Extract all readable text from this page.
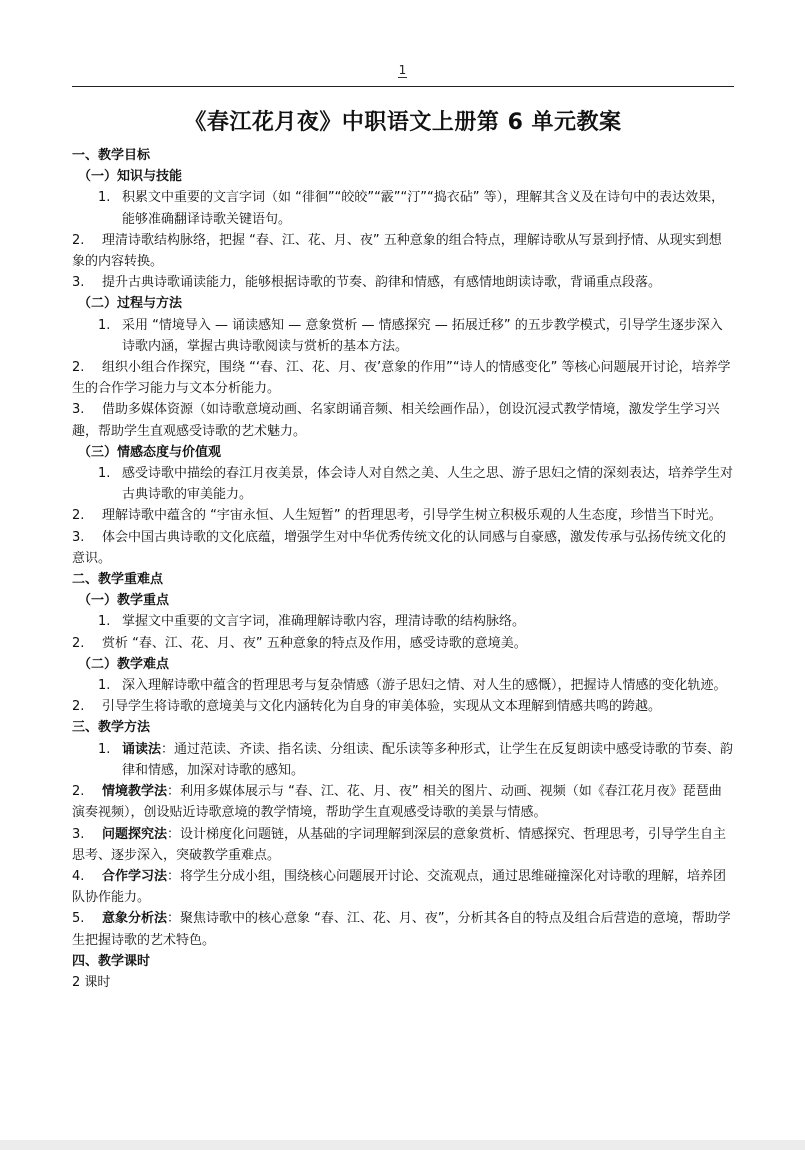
1
《春江花月夜》中职语文上册第 6 单元教案

一、教学目标

（一）知识与技能

1. 积累文中重要的文言字词（如 “徘徊”“皎皎”“霰”“汀”“捣衣砧” 等），理解其含义及在诗句中的表达效果，能够准确翻译诗歌关键语句。

2. 理清诗歌结构脉络，把握 “春、江、花、月、夜” 五种意象的组合特点，理解诗歌从写景到抒情、从现实到想象的内容转换。

3. 提升古典诗歌诵读能力，能够根据诗歌的节奏、韵律和情感，有感情地朗读诗歌，背诵重点段落。

（二）过程与方法

1. 采用 “情境导入 — 诵读感知 — 意象赏析 — 情感探究 — 拓展迁移” 的五步教学模式，引导学生逐步深入诗歌内涵，掌握古典诗歌阅读与赏析的基本方法。

2. 组织小组合作探究，围绕 “‘春、江、花、月、夜’意象的作用”“诗人的情感变化” 等核心问题展开讨论，培养学生的合作学习能力与文本分析能力。

3. 借助多媒体资源（如诗歌意境动画、名家朗诵音频、相关绘画作品），创设沉浸式教学情境，激发学生学习兴趣，帮助学生直观感受诗歌的艺术魅力。

（三）情感态度与价值观

1. 感受诗歌中描绘的春江月夜美景，体会诗人对自然之美、人生之思、游子思妇之情的深刻表达，培养学生对古典诗歌的审美能力。

2. 理解诗歌中蕴含的 “宇宙永恒、人生短暂” 的哲理思考，引导学生树立积极乐观的人生态度，珍惜当下时光。

3. 体会中国古典诗歌的文化底蕴，增强学生对中华优秀传统文化的认同感与自豪感，激发传承与弘扬传统文化的意识。

二、教学重难点

（一）教学重点

1. 掌握文中重要的文言字词，准确理解诗歌内容，理清诗歌的结构脉络。

2. 赏析 “春、江、花、月、夜” 五种意象的特点及作用，感受诗歌的意境美。

（二）教学难点

1. 深入理解诗歌中蕴含的哲理思考与复杂情感（游子思妇之情、对人生的感慨），把握诗人情感的变化轨迹。

2. 引导学生将诗歌的意境美与文化内涵转化为自身的审美体验，实现从文本理解到情感共鸣的跨越。

三、教学方法

1. 诵读法：通过范读、齐读、指名读、分组读、配乐读等多种形式，让学生在反复朗读中感受诗歌的节奏、韵律和情感，加深对诗歌的感知。

2. 情境教学法：利用多媒体展示与 “春、江、花、月、夜” 相关的图片、动画、视频（如《春江花月夜》琵琶曲演奏视频），创设贴近诗歌意境的教学情境，帮助学生直观感受诗歌的美景与情感。

3. 问题探究法：设计梯度化问题链，从基础的字词理解到深层的意象赏析、情感探究、哲理思考，引导学生自主思考、逐步深入，突破教学重难点。

4. 合作学习法：将学生分成小组，围绕核心问题展开讨论、交流观点，通过思维碰撞深化对诗歌的理解，培养团队协作能力。

5. 意象分析法：聚焦诗歌中的核心意象 “春、江、花、月、夜”，分析其各自的特点及组合后营造的意境，帮助学生把握诗歌的艺术特色。

四、教学课时

2 课时
